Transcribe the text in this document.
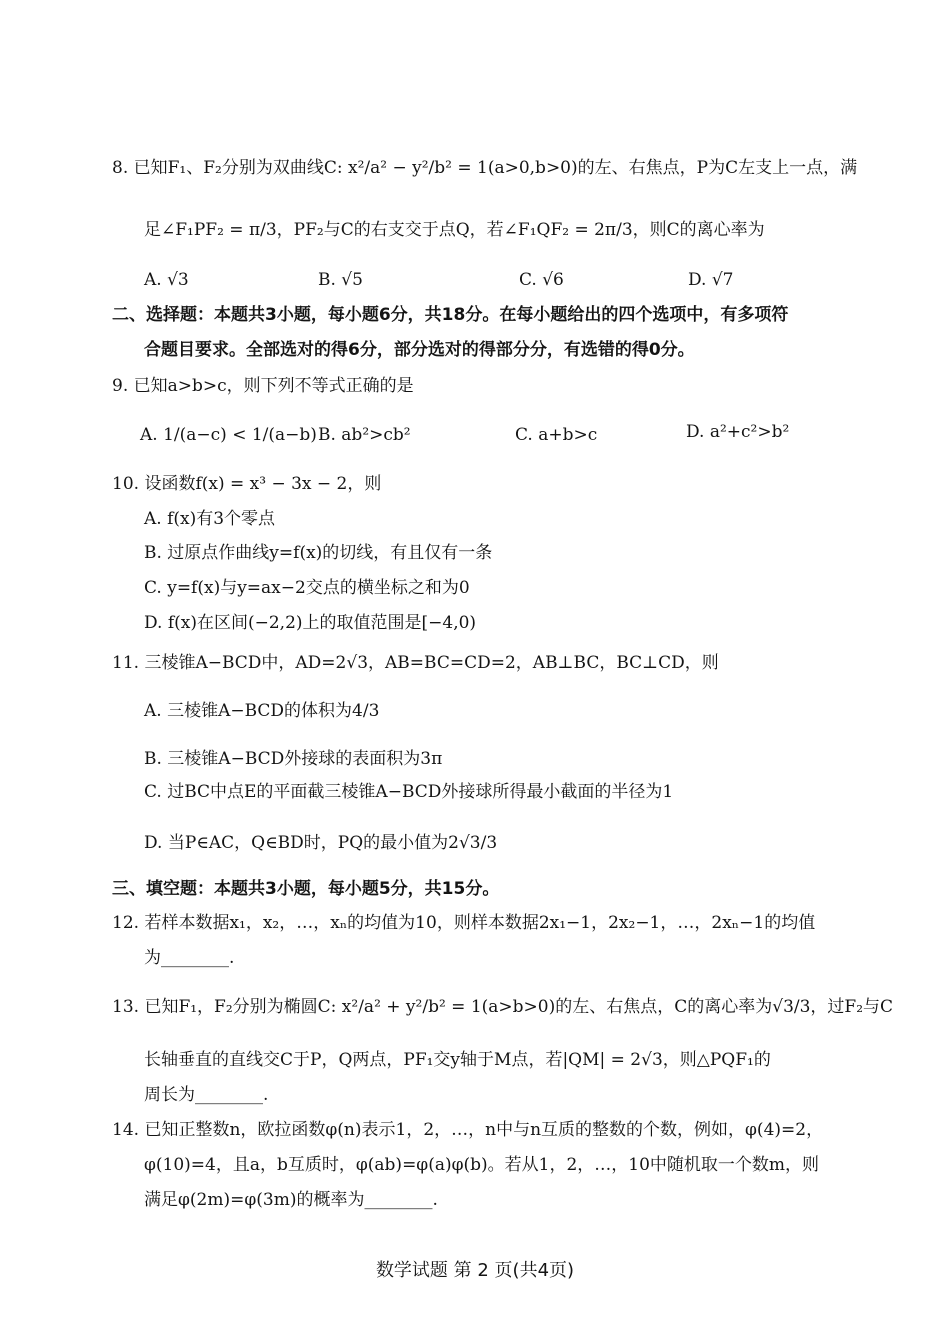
8. 已知F₁、F₂分别为双曲线C: x²/a² − y²/b² = 1(a>0,b>0)的左、右焦点，P为C左支上一点，满
足∠F₁PF₂ = π/3，PF₂与C的右支交于点Q，若∠F₁QF₂ = 2π/3，则C的离心率为
A. √3	B. √5	C. √6	D. √7
二、选择题：本题共3小题，每小题6分，共18分。在每小题给出的四个选项中，有多项符
合题目要求。全部选对的得6分，部分选对的得部分分，有选错的得0分。
9. 已知a>b>c，则下列不等式正确的是
A. 1/(a−c) < 1/(a−b) B. ab²>cb²	C. a+b>c	D. a²+c²>b²
10. 设函数f(x) = x³ − 3x − 2，则
A. f(x)有3个零点
B. 过原点作曲线y=f(x)的切线，有且仅有一条
C. y=f(x)与y=ax−2交点的横坐标之和为0
D. f(x)在区间(−2,2)上的取值范围是[−4,0)
11. 三棱锥A−BCD中，AD=2√3，AB=BC=CD=2，AB⊥BC，BC⊥CD，则
A. 三棱锥A−BCD的体积为4/3
B. 三棱锥A−BCD外接球的表面积为3π
C. 过BC中点E的平面截三棱锥A−BCD外接球所得最小截面的半径为1
D. 当P∈AC，Q∈BD时，PQ的最小值为2√3/3
三、填空题：本题共3小题，每小题5分，共15分。
12. 若样本数据x₁，x₂，…，xₙ的均值为10，则样本数据2x₁−1，2x₂−1，…，2xₙ−1的均值
为________.
13. 已知F₁，F₂分别为椭圆C: x²/a² + y²/b² = 1(a>b>0)的左、右焦点，C的离心率为√3/3，过F₂与C
长轴垂直的直线交C于P，Q两点，PF₁交y轴于M点，若|QM| = 2√3，则△PQF₁的
周长为________.
14. 已知正整数n，欧拉函数φ(n)表示1，2，…，n中与n互质的整数的个数，例如，φ(4)=2，
φ(10)=4，且a，b互质时，φ(ab)=φ(a)φ(b)。若从1，2，…，10中随机取一个数m，则
满足φ(2m)=φ(3m)的概率为________.
数学试题 第 2 页(共4页)
